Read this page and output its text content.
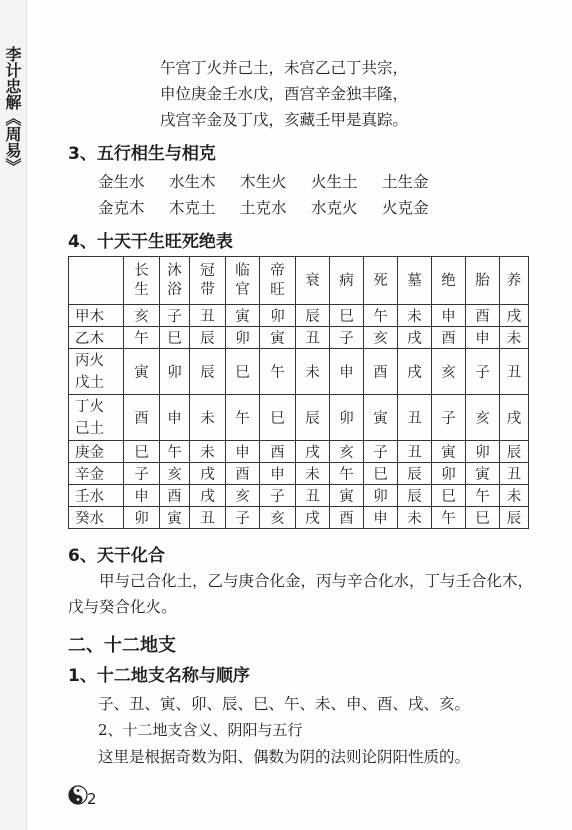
李计忠解《周易》	午宫丁火并己土，未宫乙己丁共宗，
申位庚金壬水戊，酉宫辛金独丰隆，
戌宫辛金及丁戊，亥藏壬甲是真踪。
3、五行相生与相克
金生水	水生木	木生火	火生土	土生金
金克木	木克土	土克水	水克火	火克金
4、十天干生旺死绝表
	长生	沐浴	冠带	临官	帝旺	衰	病	死	墓	绝	胎	养

甲木	亥	子	丑	寅	卯	辰	巳	午	未	申	酉	戌

乙木	午	巳	辰	卯	寅	丑	子	亥	戌	酉	申	未

丙火
戊土	寅	卯	辰	巳	午	未	申	酉	戌	亥	子	丑

丁火
己土	酉	申	未	午	巳	辰	卯	寅	丑	子	亥	戌

庚金	巳	午	未	申	酉	戌	亥	子	丑	寅	卯	辰

辛金	子	亥	戌	酉	申	未	午	巳	辰	卯	寅	丑

壬水	申	酉	戌	亥	子	丑	寅	卯	辰	巳	午	未

癸水	卯	寅	丑	子	亥	戌	酉	申	未	午	巳	辰
6、天干化合
甲与己合化土，乙与庚合化金，丙与辛合化水，丁与壬合化木，戊与癸合化火。
二、十二地支
1、十二地支名称与顺序
子、丑、寅、卯、辰、巳、午、未、申、酉、戌、亥。
2、十二地支含义、阴阳与五行
这里是根据奇数为阳、偶数为阴的法则论阴阳性质的。
2
